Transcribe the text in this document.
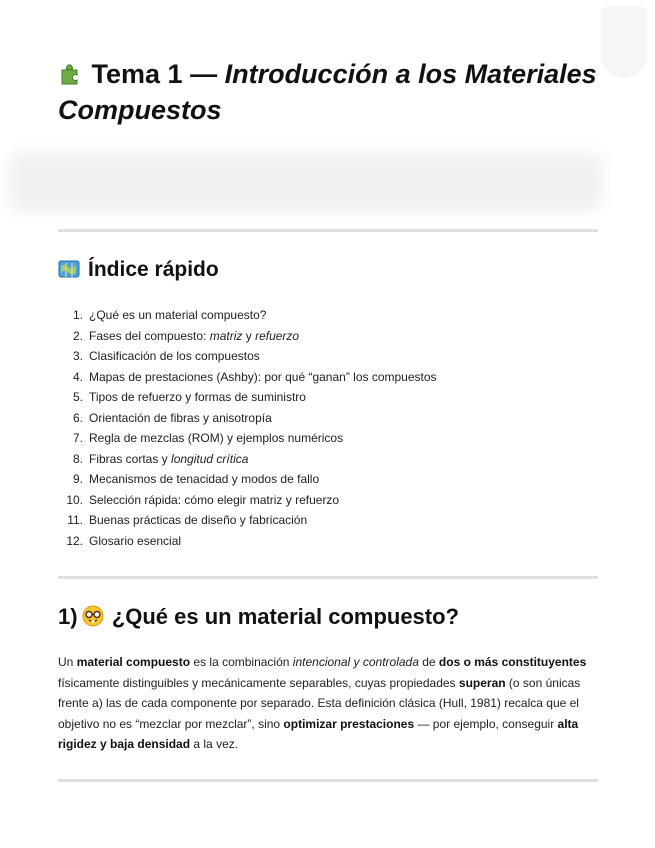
Tema 1 — Introducción a los Materiales Compuestos
Índice rápido
1. ¿Qué es un material compuesto?
2. Fases del compuesto: matriz y refuerzo
3. Clasificación de los compuestos
4. Mapas de prestaciones (Ashby): por qué “ganan” los compuestos
5. Tipos de refuerzo y formas de suministro
6. Orientación de fibras y anisotropía
7. Regla de mezclas (ROM) y ejemplos numéricos
8. Fibras cortas y longitud crítica
9. Mecanismos de tenacidad y modos de fallo
10. Selección rápida: cómo elegir matriz y refuerzo
11. Buenas prácticas de diseño y fabricación
12. Glosario esencial
1) ¿Qué es un material compuesto?

Un material compuesto es la combinación intencional y controlada de dos o más constituyentes físicamente distinguibles y mecánicamente separables, cuyas propiedades superan (o son únicas frente a) las de cada componente por separado. Esta definición clásica (Hull, 1981) recalca que el objetivo no es “mezclar por mezclar”, sino optimizar prestaciones — por ejemplo, conseguir alta rigidez y baja densidad a la vez.
